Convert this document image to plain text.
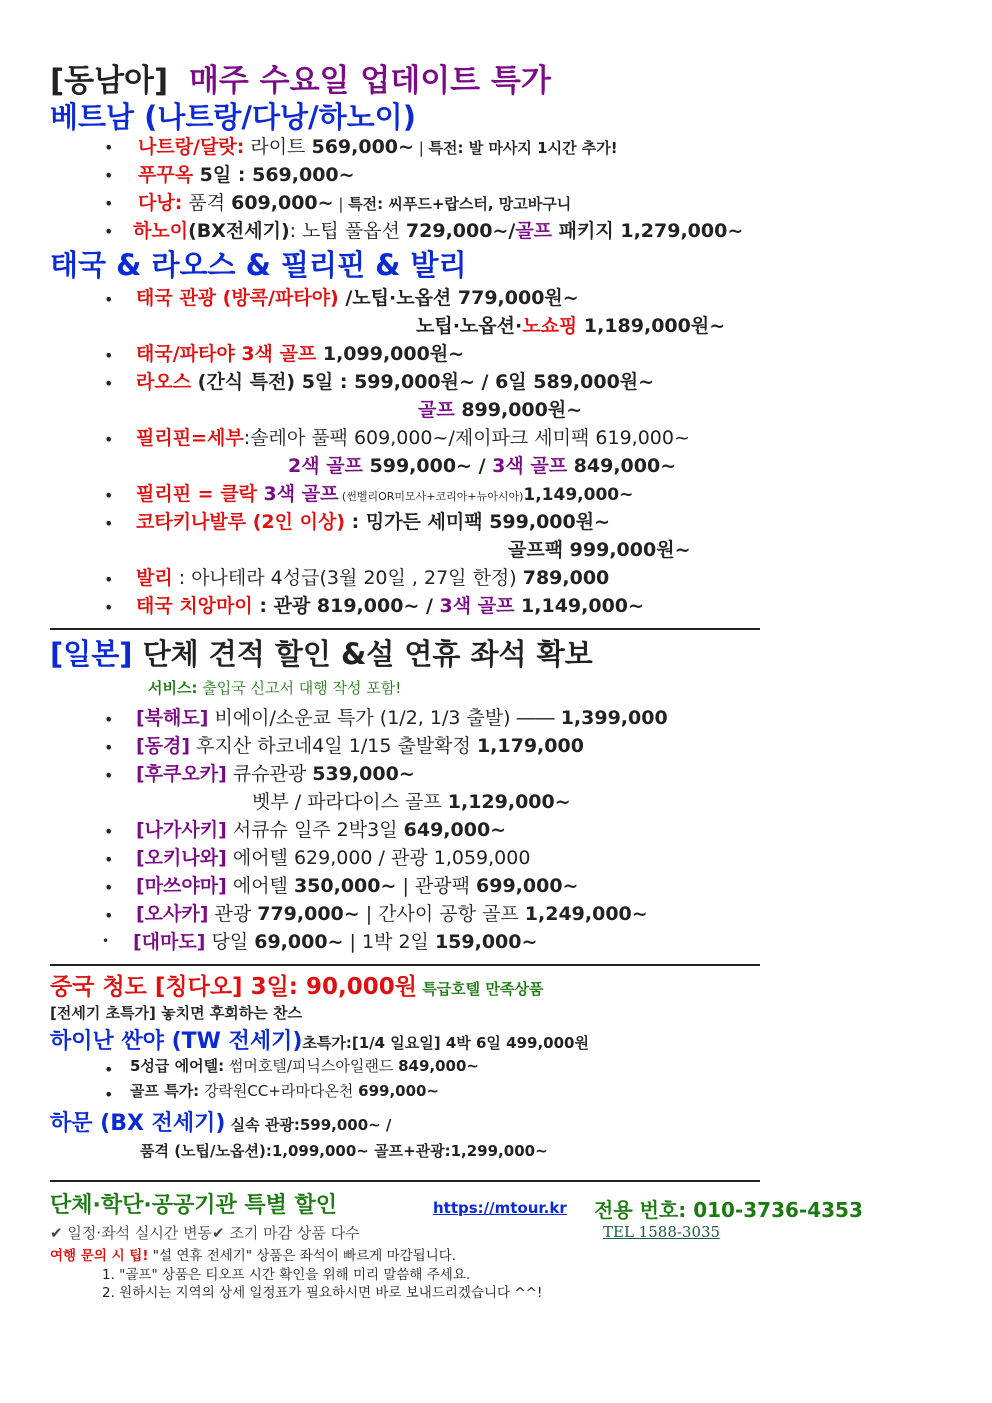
[동남아] 매주 수요일 업데이트 특가
베트남 (나트랑/다낭/하노이)
• 나트랑/달랏: 라이트 569,000~ | 특전: 발 마사지 1시간 추가!
• 푸꾸옥 5일 : 569,000~
• 다낭: 품격 609,000~ | 특전: 씨푸드+랍스터, 망고바구니
• 하노이(BX전세기): 노팁 풀옵션 729,000~/골프 패키지 1,279,000~
태국 & 라오스 & 필리핀 & 발리
• 태국 관광 (방콕/파타야) /노팁·노옵션 779,000원~
노팁·노옵션·노쇼핑 1,189,000원~
• 태국/파타야 3색 골프 1,099,000원~
• 라오스 (간식 특전) 5일 : 599,000원~ / 6일 589,000원~
골프 899,000원~
• 필리핀=세부:솔레아 풀팩 609,000~/제이파크 세미팩 619,000~
2색 골프 599,000~ / 3색 골프 849,000~
• 필리핀 = 클락 3색 골프 (썬벨리OR미모사+코리아+뉴아시아)1,149,000~
• 코타키나발루 (2인 이상) : 밍가든 세미팩 599,000원~
골프팩 999,000원~
• 발리 : 아나테라 4성급(3월 20일 , 27일 한정) 789,000
• 태국 치앙마이 : 관광 819,000~ / 3색 골프 1,149,000~
[일본] 단체 견적 할인 &설 연휴 좌석 확보
서비스: 출입국 신고서 대행 작성 포함!
• [북해도] 비에이/소운쿄 특가 (1/2, 1/3 출발) ―― 1,399,000
• [동경] 후지산 하코네4일 1/15 출발확정 1,179,000
• [후쿠오카] 큐슈관광 539,000~
벳부 / 파라다이스 골프 1,129,000~
• [나가사키] 서큐슈 일주 2박3일 649,000~
• [오키나와] 에어텔 629,000 / 관광 1,059,000
• [마쓰야마] 에어텔 350,000~ | 관광팩 699,000~
• [오사카] 관광 779,000~ | 간사이 공항 골프 1,249,000~
• [대마도] 당일 69,000~ | 1박 2일 159,000~
중국 청도 [칭다오] 3일: 90,000원 특급호텔 만족상품
[전세기 초특가] 놓치면 후회하는 찬스
하이난 싼야 (TW 전세기)초특가:[1/4 일요일] 4박 6일 499,000원
• 5성급 에어텔: 썸머호텔/피닉스아일랜드 849,000~
• 골프 특가: 강락원CC+라마다온천 699,000~
하문 (BX 전세기) 실속 관광:599,000~ /
품격 (노팁/노옵션):1,099,000~ 골프+관광:1,299,000~
단체·학단·공공기관 특별 할인	https://mtour.kr 전용 번호: 010-3736-4353
✔ 일정·좌석 실시간 변동✔ 조기 마감 상품 다수	TEL 1588-3035
여행 문의 시 팁! "설 연휴 전세기" 상품은 좌석이 빠르게 마감됩니다.
1. "골프" 상품은 티오프 시간 확인을 위해 미리 말씀해 주세요.
2. 원하시는 지역의 상세 일정표가 필요하시면 바로 보내드리겠습니다 ^^!
